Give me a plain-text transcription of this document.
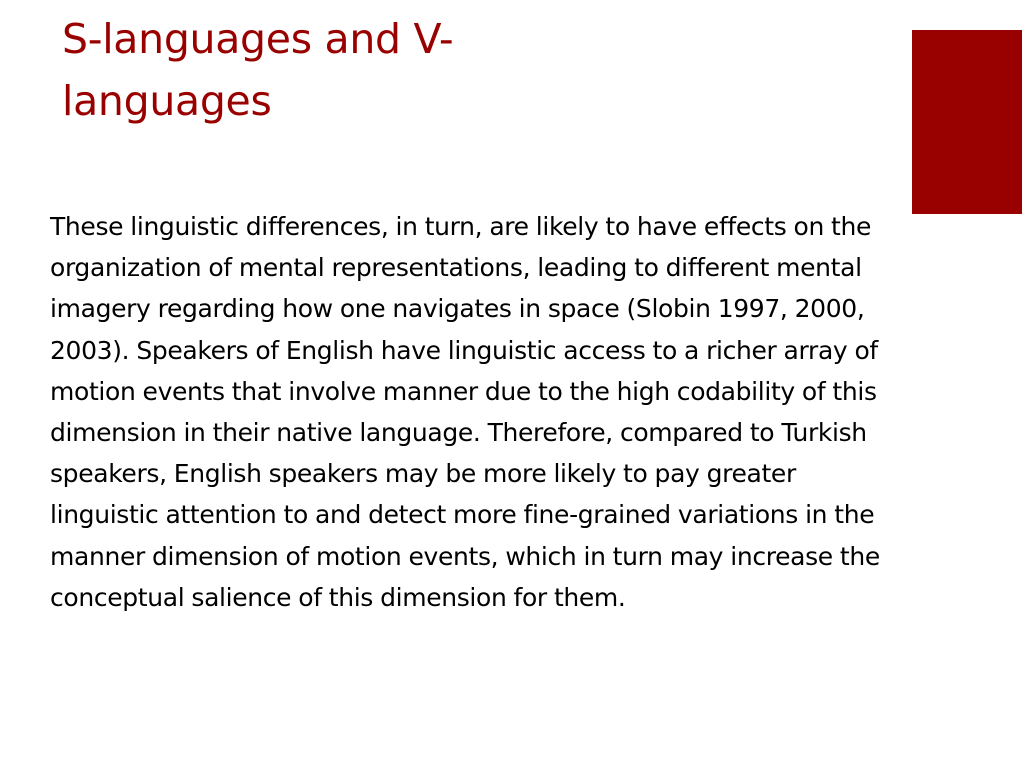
S-languages and V-languages

These linguistic differences, in turn, are likely to have effects on the organization of mental representations, leading to different mental imagery regarding how one navigates in space (Slobin 1997, 2000, 2003). Speakers of English have linguistic access to a richer array of motion events that involve manner due to the high codability of this dimension in their native language. Therefore, compared to Turkish speakers, English speakers may be more likely to pay greater linguistic attention to and detect more fine-grained variations in the manner dimension of motion events, which in turn may increase the conceptual salience of this dimension for them.
